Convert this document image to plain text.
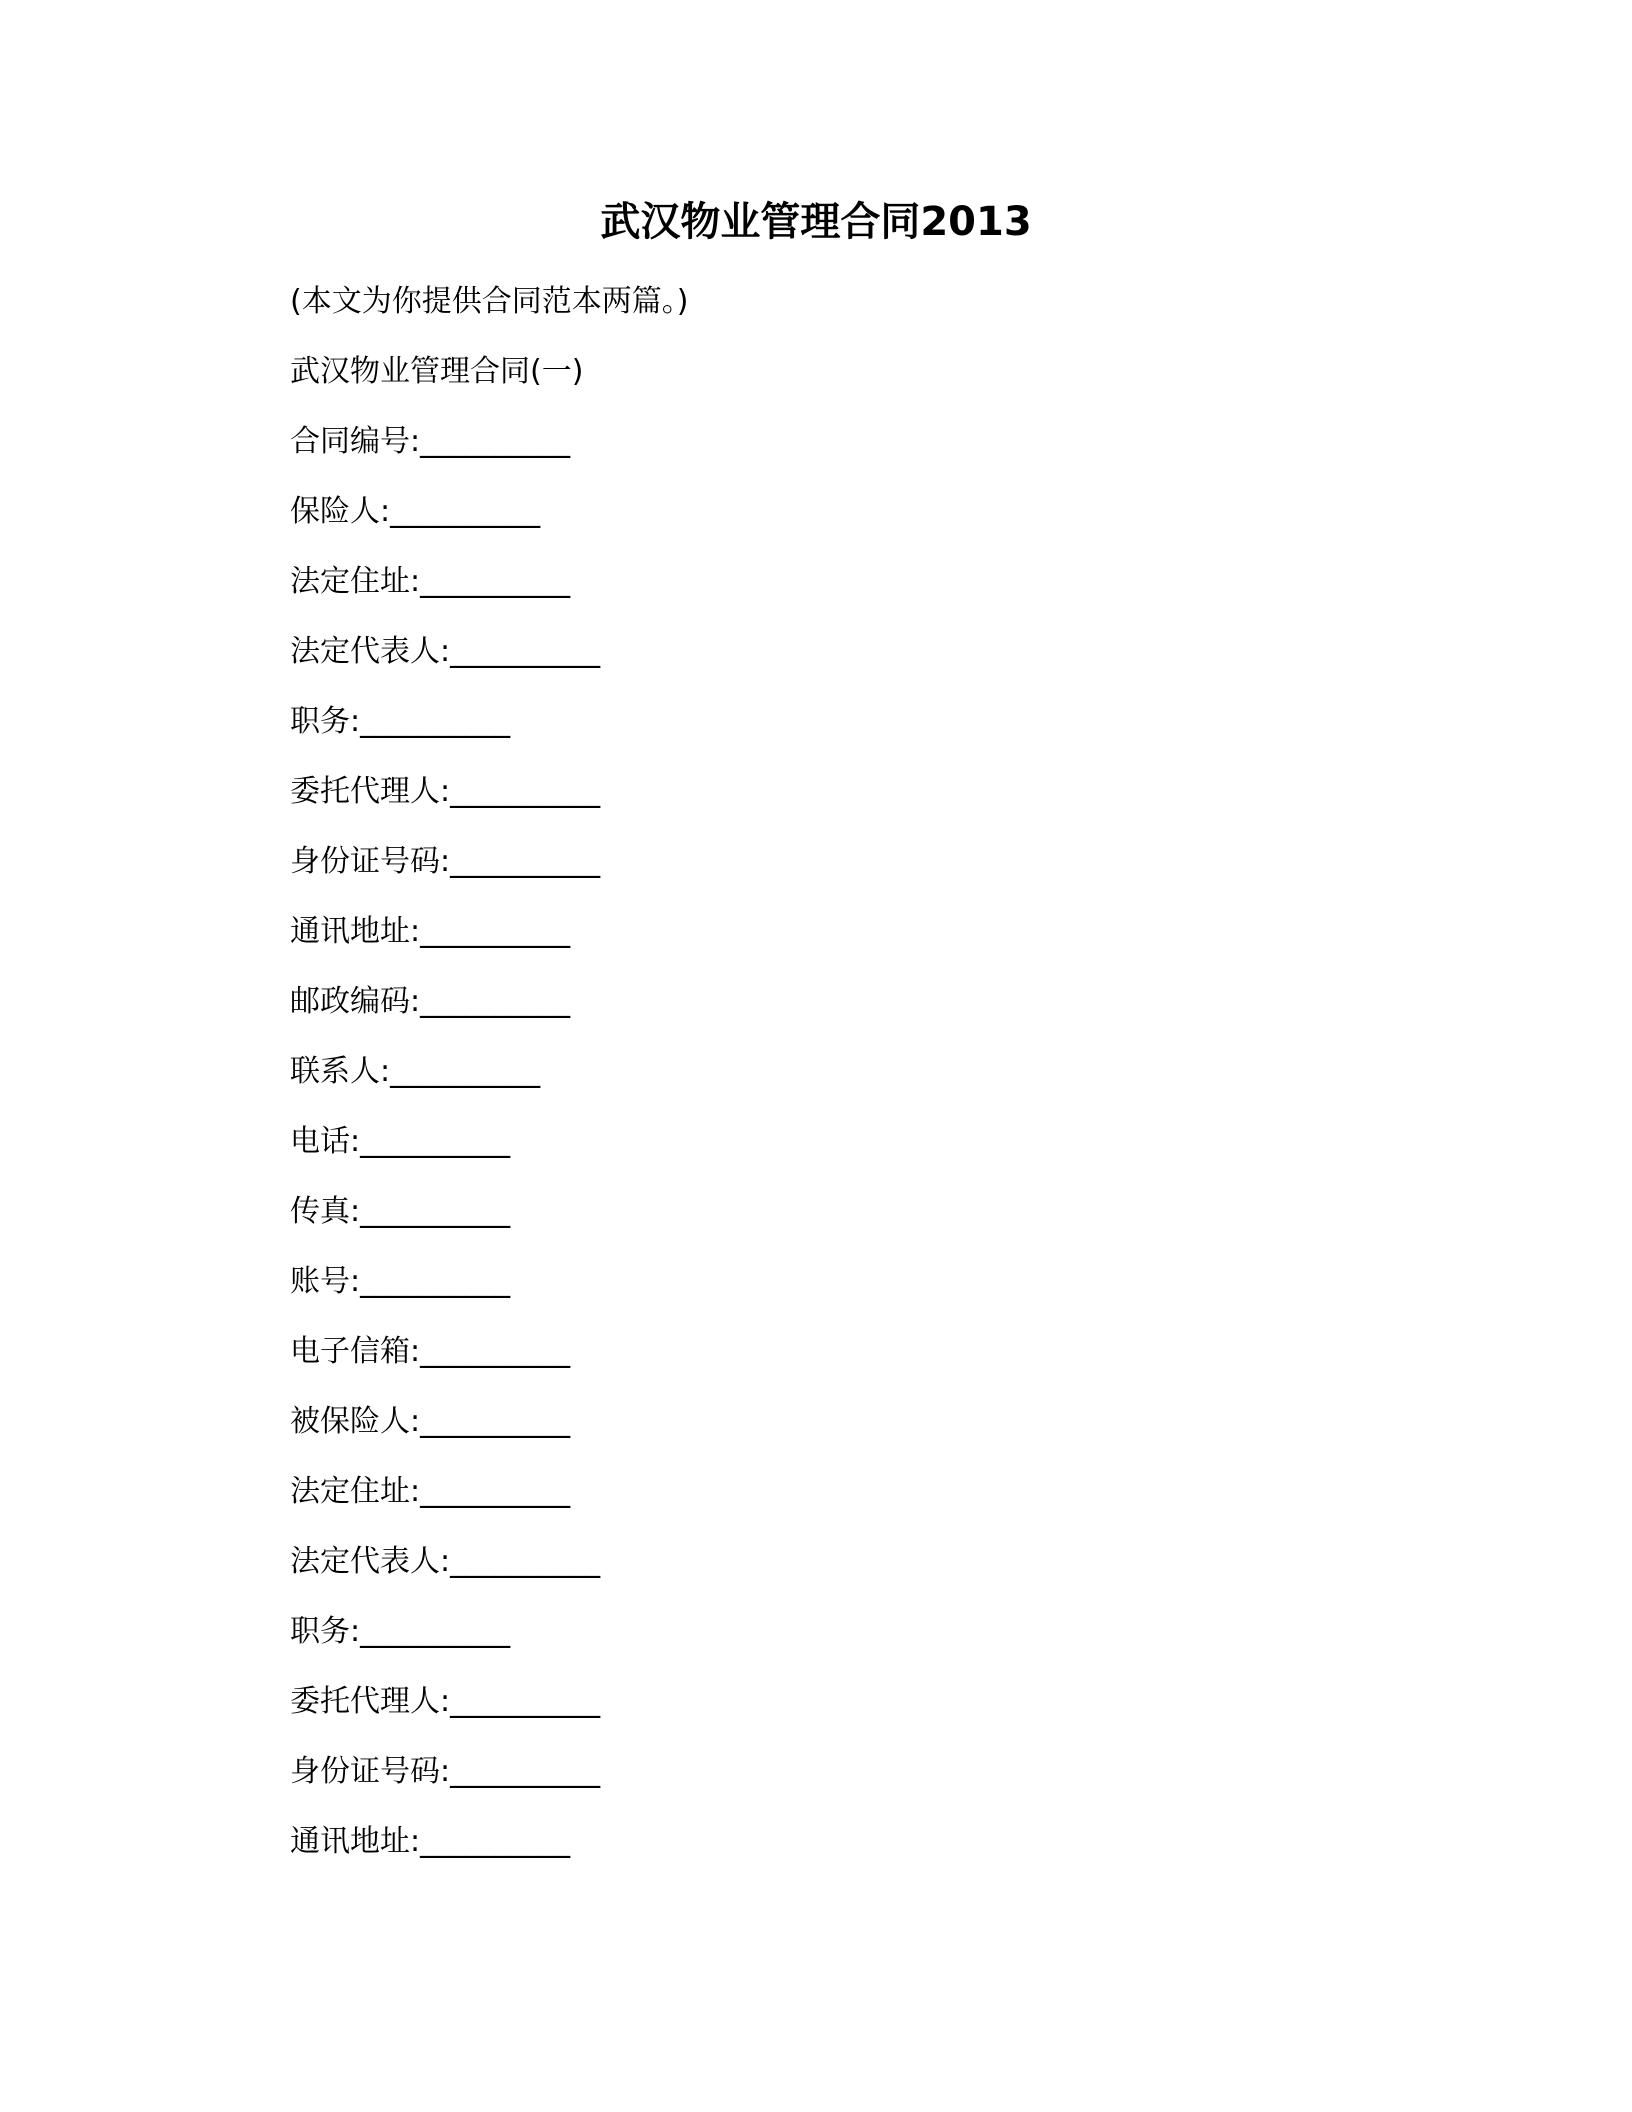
武汉物业管理合同2013

(本文为你提供合同范本两篇。)

武汉物业管理合同(一)

合同编号:__________

保险人:__________

法定住址:__________

法定代表人:__________

职务:__________

委托代理人:__________

身份证号码:__________

通讯地址:__________

邮政编码:__________

联系人:__________

电话:__________

传真:__________

账号:__________

电子信箱:__________

被保险人:__________

法定住址:__________

法定代表人:__________

职务:__________

委托代理人:__________

身份证号码:__________

通讯地址:__________
